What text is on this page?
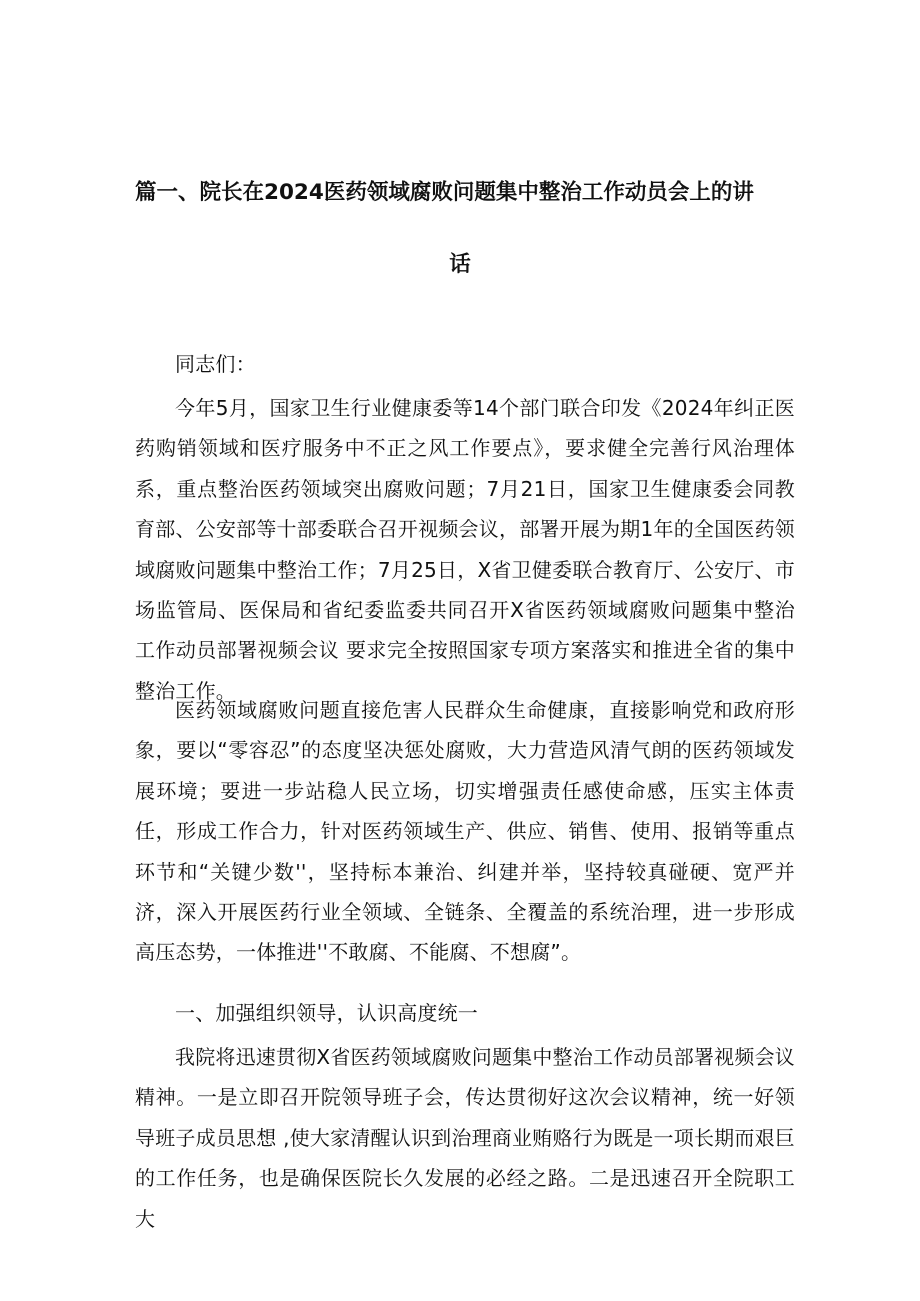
篇一、院长在2024医药领域腐败问题集中整治工作动员会上的讲
话

同志们：

今年5月，国家卫生行业健康委等14个部门联合印发《2024年纠正医药购销领域和医疗服务中不正之风工作要点》，要求健全完善行风治理体系，重点整治医药领域突出腐败问题；7月21日，国家卫生健康委会同教育部、公安部等十部委联合召开视频会议，部署开展为期1年的全国医药领域腐败问题集中整治工作；7月25日，X省卫健委联合教育厅、公安厅、市场监管局、医保局和省纪委监委共同召开X省医药领域腐败问题集中整治工作动员部署视频会议 要求完全按照国家专项方案落实和推进全省的集中整治工作。

医药领域腐败问题直接危害人民群众生命健康，直接影响党和政府形象，要以“零容忍”的态度坚决惩处腐败，大力营造风清气朗的医药领域发展环境；要进一步站稳人民立场，切实增强责任感使命感，压实主体责任，形成工作合力，针对医药领域生产、供应、销售、使用、报销等重点环节和“关键少数''，坚持标本兼治、纠建并举，坚持较真碰硬、宽严并济，深入开展医药行业全领域、全链条、全覆盖的系统治理，进一步形成高压态势，一体推进''不敢腐、不能腐、不想腐”。

一、加强组织领导，认识高度统一

我院将迅速贯彻X省医药领域腐败问题集中整治工作动员部署视频会议精神。一是立即召开院领导班子会，传达贯彻好这次会议精神，统一好领导班子成员思想 ,使大家清醒认识到治理商业贿赂行为既是一项长期而艰巨的工作任务，也是确保医院长久发展的必经之路。二是迅速召开全院职工大
